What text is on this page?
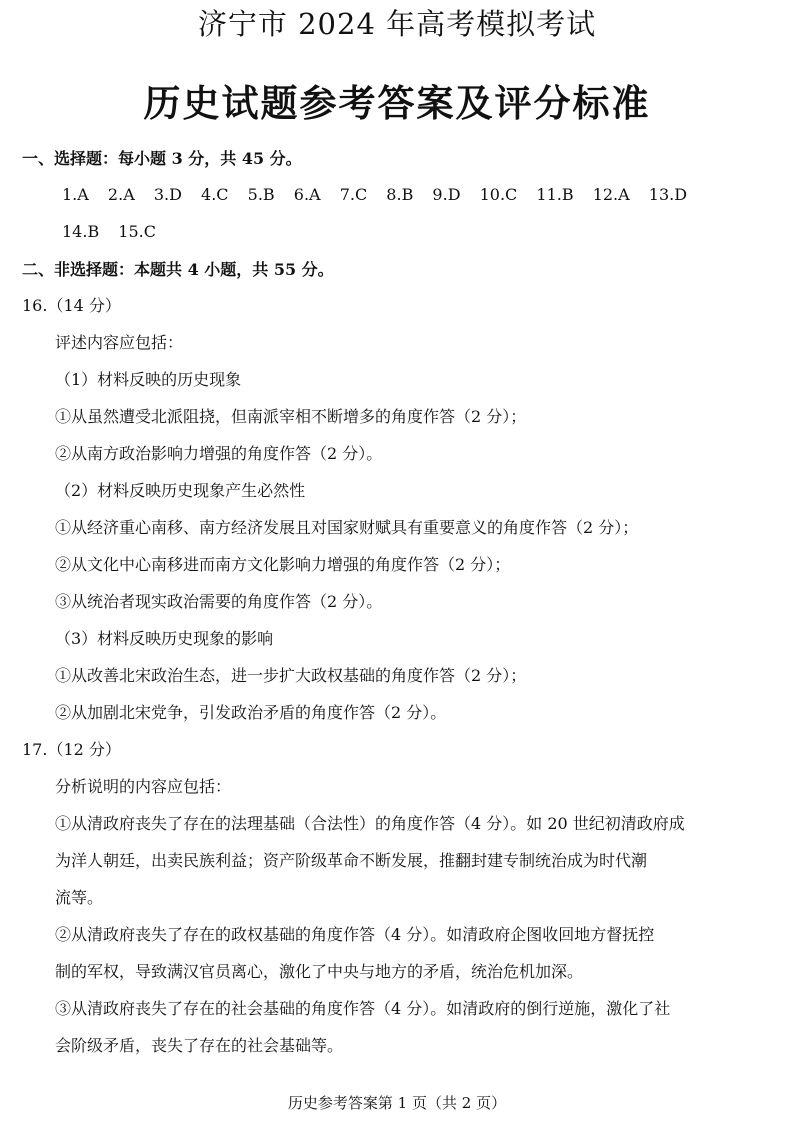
济宁市 2024 年高考模拟考试
历史试题参考答案及评分标准
一、选择题：每小题 3 分，共 45 分。
1.A 2.A 3.D 4.C 5.B 6.A 7.C 8.B 9.D 10.C 11.B 12.A 13.D
14.B 15.C
二、非选择题：本题共 4 小题，共 55 分。
16.（14 分）
评述内容应包括：
（1）材料反映的历史现象
①从虽然遭受北派阻挠，但南派宰相不断增多的角度作答（2 分）；
②从南方政治影响力增强的角度作答（2 分）。
（2）材料反映历史现象产生必然性
①从经济重心南移、南方经济发展且对国家财赋具有重要意义的角度作答（2 分）；
②从文化中心南移进而南方文化影响力增强的角度作答（2 分）；
③从统治者现实政治需要的角度作答（2 分）。
（3）材料反映历史现象的影响
①从改善北宋政治生态，进一步扩大政权基础的角度作答（2 分）；
②从加剧北宋党争，引发政治矛盾的角度作答（2 分）。
17.（12 分）
分析说明的内容应包括：
①从清政府丧失了存在的法理基础（合法性）的角度作答（4 分）。如 20 世纪初清政府成
为洋人朝廷，出卖民族利益；资产阶级革命不断发展，推翻封建专制统治成为时代潮
流等。
②从清政府丧失了存在的政权基础的角度作答（4 分）。如清政府企图收回地方督抚控
制的军权，导致满汉官员离心，激化了中央与地方的矛盾，统治危机加深。
③从清政府丧失了存在的社会基础的角度作答（4 分）。如清政府的倒行逆施，激化了社
会阶级矛盾，丧失了存在的社会基础等。
历史参考答案第 1 页（共 2 页）
